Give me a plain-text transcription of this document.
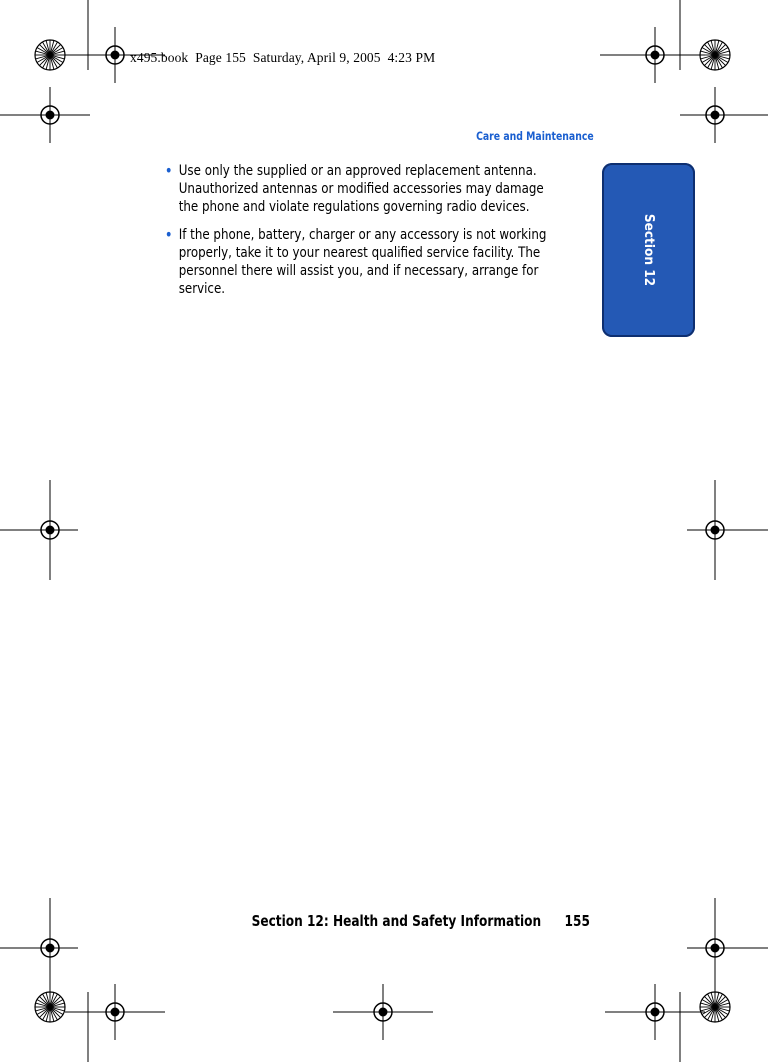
x495.book  Page 155  Saturday, April 9, 2005  4:23 PM
Care and Maintenance
• Use only the supplied or an approved replacement antenna. Unauthorized antennas or modified accessories may damage the phone and violate regulations governing radio devices.
• If the phone, battery, charger or any accessory is not working properly, take it to your nearest qualified service facility. The personnel there will assist you, and if necessary, arrange for service.
Section 12
Section 12: Health and Safety Information 155
